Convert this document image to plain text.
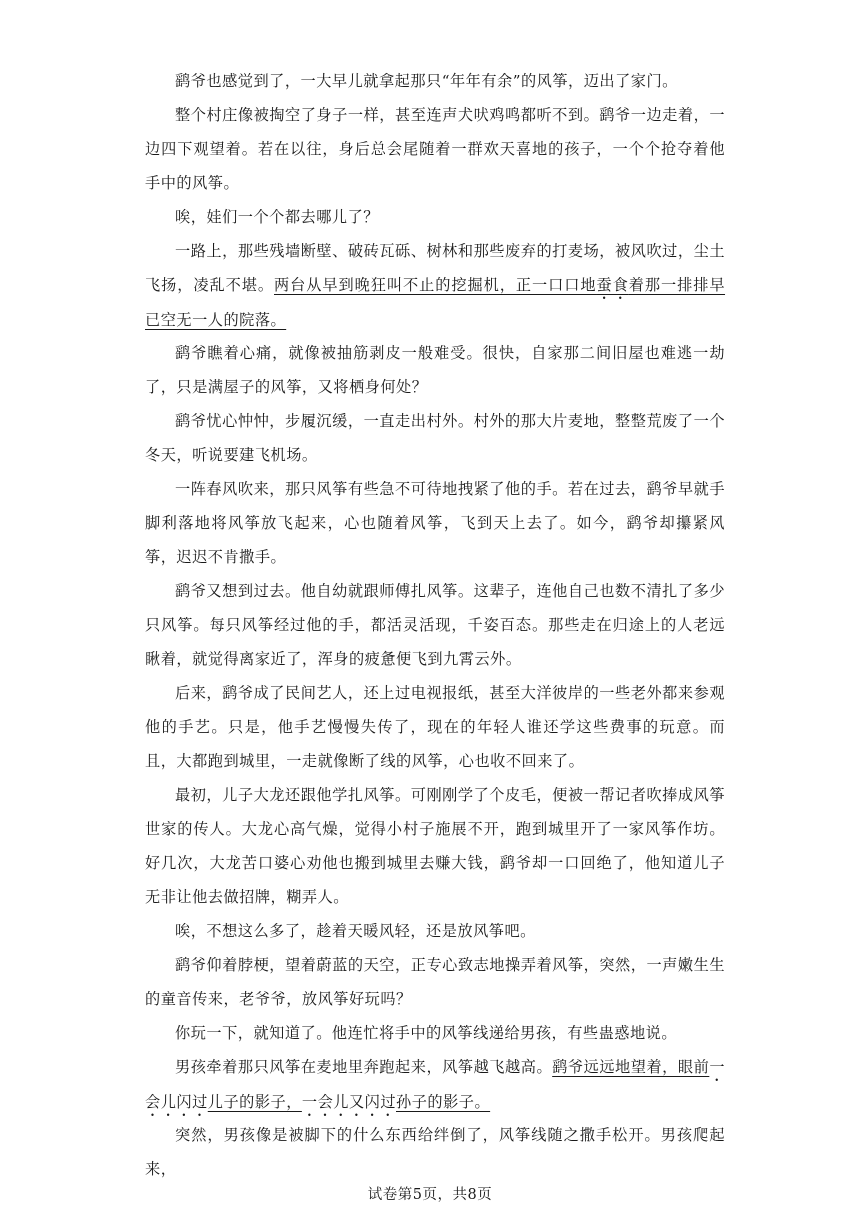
鹞爷也感觉到了，一大早儿就拿起那只“年年有余”的风筝，迈出了家门。

整个村庄像被掏空了身子一样，甚至连声犬吠鸡鸣都听不到。鹞爷一边走着，一边四下观望着。若在以往，身后总会尾随着一群欢天喜地的孩子，一个个抢夺着他手中的风筝。

唉，娃们一个个都去哪儿了？

一路上，那些残墙断壁、破砖瓦砾、树林和那些废弃的打麦场，被风吹过，尘土飞扬，凌乱不堪。两台从早到晚狂叫不止的挖掘机，正一口口地蚕食着那一排排早已空无一人的院落。

鹞爷瞧着心痛，就像被抽筋剥皮一般难受。很快，自家那二间旧屋也难逃一劫了，只是满屋子的风筝，又将栖身何处？

鹞爷忧心忡忡，步履沉缓，一直走出村外。村外的那大片麦地，整整荒废了一个冬天，听说要建飞机场。

一阵春风吹来，那只风筝有些急不可待地拽紧了他的手。若在过去，鹞爷早就手脚利落地将风筝放飞起来，心也随着风筝，飞到天上去了。如今，鹞爷却攥紧风筝，迟迟不肯撒手。

鹞爷又想到过去。他自幼就跟师傅扎风筝。这辈子，连他自己也数不清扎了多少只风筝。每只风筝经过他的手，都活灵活现，千姿百态。那些走在归途上的人老远瞅着，就觉得离家近了，浑身的疲惫便飞到九霄云外。

后来，鹞爷成了民间艺人，还上过电视报纸，甚至大洋彼岸的一些老外都来参观他的手艺。只是，他手艺慢慢失传了，现在的年轻人谁还学这些费事的玩意。而且，大都跑到城里，一走就像断了线的风筝，心也收不回来了。

最初，儿子大龙还跟他学扎风筝。可刚刚学了个皮毛，便被一帮记者吹捧成风筝世家的传人。大龙心高气燥，觉得小村子施展不开，跑到城里开了一家风筝作坊。好几次，大龙苦口婆心劝他也搬到城里去赚大钱，鹞爷却一口回绝了，他知道儿子无非让他去做招牌，糊弄人。

唉，不想这么多了，趁着天暖风轻，还是放风筝吧。

鹞爷仰着脖梗，望着蔚蓝的天空，正专心致志地操弄着风筝，突然，一声嫩生生的童音传来，老爷爷，放风筝好玩吗？

你玩一下，就知道了。他连忙将手中的风筝线递给男孩，有些蛊惑地说。

男孩牵着那只风筝在麦地里奔跑起来，风筝越飞越高。鹞爷远远地望着，眼前一会儿闪过儿子的影子，一会儿又闪过孙子的影子。

突然，男孩像是被脚下的什么东西给绊倒了，风筝线随之撒手松开。男孩爬起来，

试卷第5页，共8页
